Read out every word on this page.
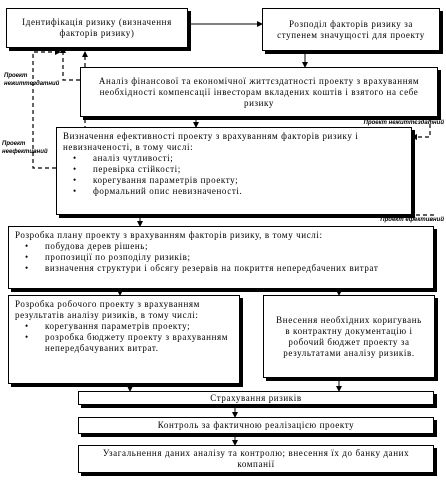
Ідентифікація ризику (визначення факторів ризику)
Розподіл факторів ризику за ступенем значущості для проекту
Аналіз фінансової та економічної життєздатності проекту з врахуванням необхідності компенсації інвесторам вкладених коштів і взятого на себе ризику
Визначення ефективності проекту з врахуванням факторів ризику і невизначеності, в тому числі:
• аналіз чутливості;
• перевірка стійкості;
• корегування параметрів проекту;
• формальний опис невизначеності.
Розробка плану проекту з врахуванням факторів ризику, в тому числі:
• побудова дерев рішень;
• пропозиції по розподілу ризиків;
• визначення структури і обсягу резервів на покриття непередбачених витрат
Розробка робочого проекту з врахуванням результатів аналізу ризиків, в тому числі:
• корегування параметрів проекту;
• розробка бюджету проекту з врахуванням непередбачуваних витрат.
Внесення необхідних коригувань в контрактну документацію і робочий бюджет проекту за результатами аналізу ризиків.
Страхування ризиків
Контроль за фактичною реалізацією проекту
Узагальнення даних аналізу та контролю; внесення їх до банку даних компанії
Проект нежиттєздатний
Проект неефективний
Проект нежиттєздатний
Проект ефективний
